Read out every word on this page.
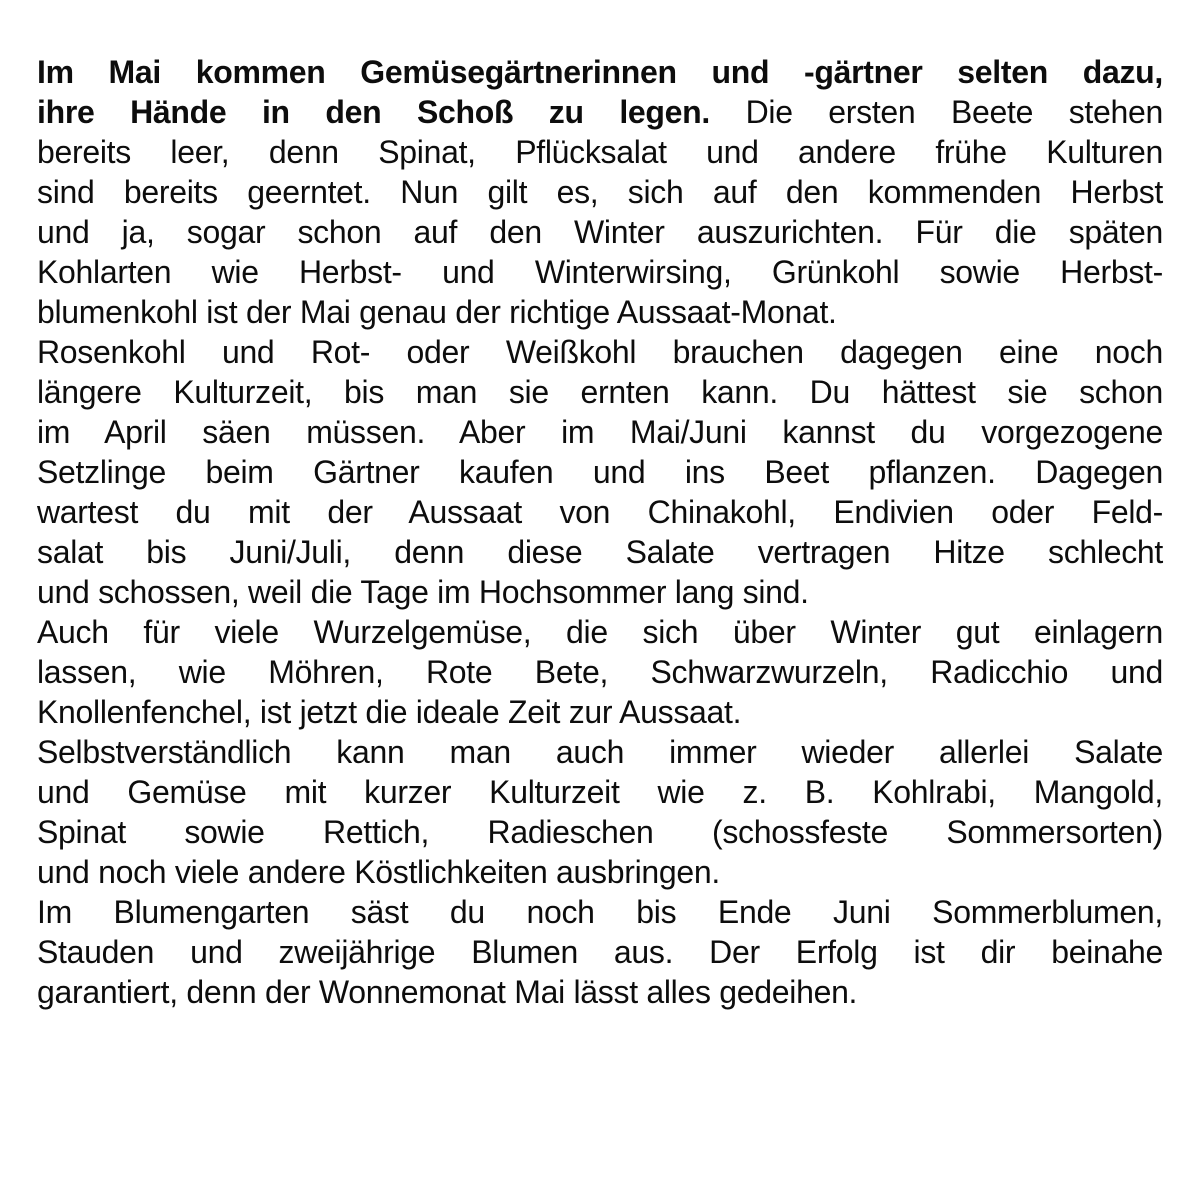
Im Mai kommen Gemüsegärtnerinnen und -gärtner selten dazu,
ihre Hände in den Schoß zu legen. Die ersten Beete stehen
bereits leer, denn Spinat, Pflücksalat und andere frühe Kulturen
sind bereits geerntet. Nun gilt es, sich auf den kommenden Herbst
und ja, sogar schon auf den Winter auszurichten. Für die späten
Kohlarten wie Herbst- und Winterwirsing, Grünkohl sowie Herbst-
blumenkohl ist der Mai genau der richtige Aussaat-Monat.
Rosenkohl und Rot- oder Weißkohl brauchen dagegen eine noch
längere Kulturzeit, bis man sie ernten kann. Du hättest sie schon
im April säen müssen. Aber im Mai/Juni kannst du vorgezogene
Setzlinge beim Gärtner kaufen und ins Beet pflanzen. Dagegen
wartest du mit der Aussaat von Chinakohl, Endivien oder Feld-
salat bis Juni/Juli, denn diese Salate vertragen Hitze schlecht
und schossen, weil die Tage im Hochsommer lang sind.
Auch für viele Wurzelgemüse, die sich über Winter gut einlagern
lassen, wie Möhren, Rote Bete, Schwarzwurzeln, Radicchio und
Knollenfenchel, ist jetzt die ideale Zeit zur Aussaat.
Selbstverständlich kann man auch immer wieder allerlei Salate
und Gemüse mit kurzer Kulturzeit wie z. B. Kohlrabi, Mangold,
Spinat sowie Rettich, Radieschen (schossfeste Sommersorten)
und noch viele andere Köstlichkeiten ausbringen.
Im Blumengarten säst du noch bis Ende Juni Sommerblumen,
Stauden und zweijährige Blumen aus. Der Erfolg ist dir beinahe
garantiert, denn der Wonnemonat Mai lässt alles gedeihen.
